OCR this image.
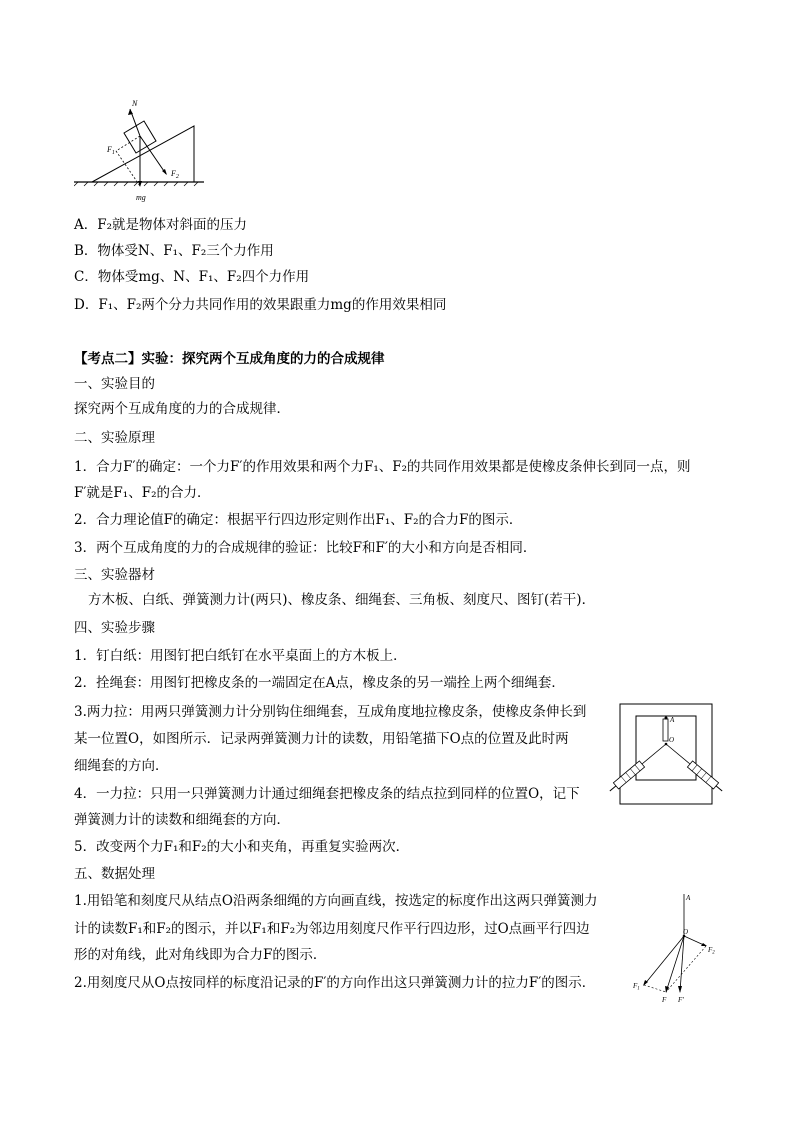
N
$F_1$
$F_2$
mg
A．F₂就是物体对斜面的压力
B．物体受N、F₁、F₂三个力作用
C．物体受mg、N、F₁、F₂四个力作用
D．F₁、F₂两个分力共同作用的效果跟重力mg的作用效果相同
【考点二】实验：探究两个互成角度的力的合成规律
一、实验目的
探究两个互成角度的力的合成规律．
二、实验原理
1．合力F′的确定：一个力F′的作用效果和两个力F₁、F₂的共同作用效果都是使橡皮条伸长到同一点，则
F′就是F₁、F₂的合力．
2．合力理论值F的确定：根据平行四边形定则作出F₁、F₂的合力F的图示．
3．两个互成角度的力的合成规律的验证：比较F和F′的大小和方向是否相同．
三、实验器材
方木板、白纸、弹簧测力计(两只)、橡皮条、细绳套、三角板、刻度尺、图钉(若干)．
四、实验步骤
1．钉白纸：用图钉把白纸钉在水平桌面上的方木板上．
2．拴绳套：用图钉把橡皮条的一端固定在A点，橡皮条的另一端拴上两个细绳套．
3.两力拉：用两只弹簧测力计分别钩住细绳套，互成角度地拉橡皮条，使橡皮条伸长到
某一位置O，如图所示．记录两弹簧测力计的读数，用铅笔描下O点的位置及此时两
细绳套的方向．
4．一力拉：只用一只弹簧测力计通过细绳套把橡皮条的结点拉到同样的位置O，记下
弹簧测力计的读数和细绳套的方向．
5．改变两个力F₁和F₂的大小和夹角，再重复实验两次．
五、数据处理
1.用铅笔和刻度尺从结点O沿两条细绳的方向画直线，按选定的标度作出这两只弹簧测力
计的读数F₁和F₂的图示，并以F₁和F₂为邻边用刻度尺作平行四边形，过O点画平行四边
形的对角线，此对角线即为合力F的图示．
2.用刻度尺从O点按同样的标度沿记录的F′的方向作出这只弹簧测力计的拉力F′的图示．
A
O
A
O
$F_2$
$F_1$
F F′
